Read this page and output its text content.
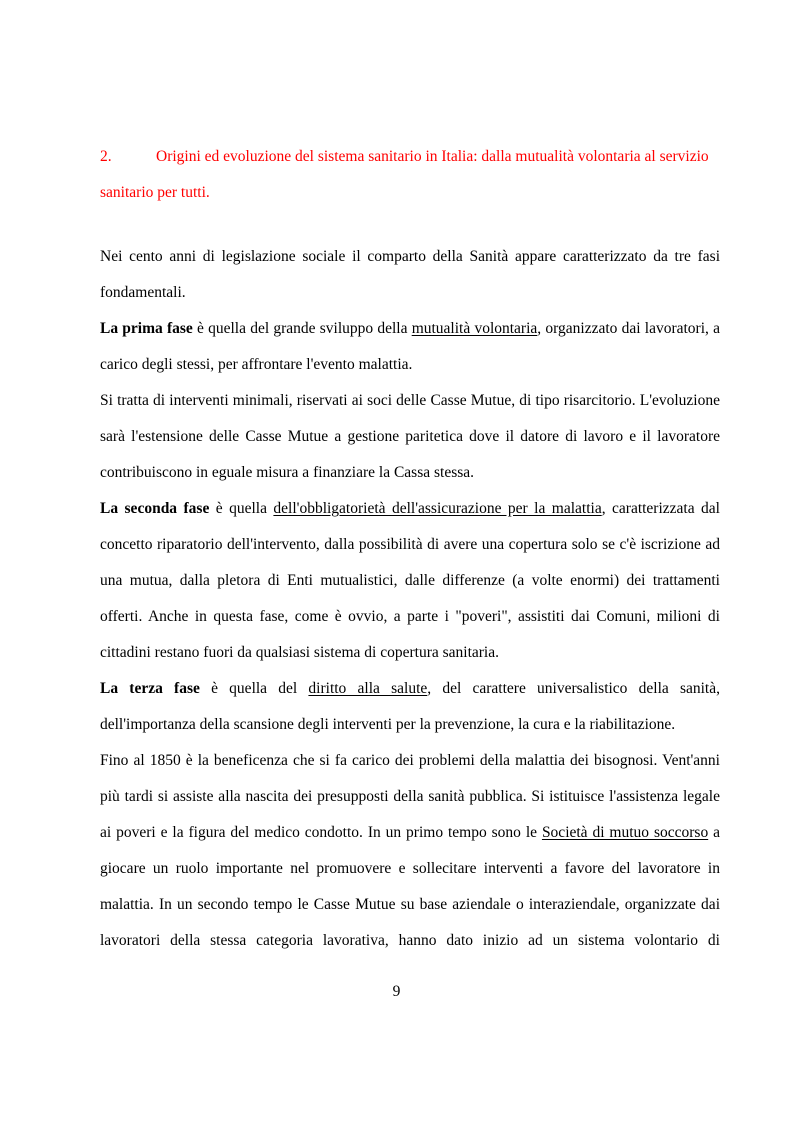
2.	Origini ed evoluzione del sistema sanitario in Italia: dalla mutualità volontaria al servizio sanitario per tutti.

Nei cento anni di legislazione sociale il comparto della Sanità appare caratterizzato da tre fasi fondamentali.

La prima fase è quella del grande sviluppo della mutualità volontaria, organizzato dai lavoratori, a carico degli stessi, per affrontare l'evento malattia.

Si tratta di interventi minimali, riservati ai soci delle Casse Mutue, di tipo risarcitorio. L'evoluzione sarà l'estensione delle Casse Mutue a gestione paritetica dove il datore di lavoro e il lavoratore contribuiscono in eguale misura a finanziare la Cassa stessa.

La seconda fase è quella dell'obbligatorietà dell'assicurazione per la malattia, caratterizzata dal concetto riparatorio dell'intervento, dalla possibilità di avere una copertura solo se c'è iscrizione ad una mutua, dalla pletora di Enti mutualistici, dalle differenze (a volte enormi) dei trattamenti offerti. Anche in questa fase, come è ovvio, a parte i "poveri", assistiti dai Comuni, milioni di cittadini restano fuori da qualsiasi sistema di copertura sanitaria.

La terza fase è quella del diritto alla salute, del carattere universalistico della sanità, dell'importanza della scansione degli interventi per la prevenzione, la cura e la riabilitazione.

Fino al 1850 è la beneficenza che si fa carico dei problemi della malattia dei bisognosi. Vent'anni più tardi si assiste alla nascita dei presupposti della sanità pubblica. Si istituisce l'assistenza legale ai poveri e la figura del medico condotto. In un primo tempo sono le Società di mutuo soccorso a giocare un ruolo importante nel promuovere e sollecitare interventi a favore del lavoratore in malattia. In un secondo tempo le Casse Mutue su base aziendale o interaziendale, organizzate dai lavoratori della stessa categoria lavorativa, hanno dato inizio ad un sistema volontario di

9
